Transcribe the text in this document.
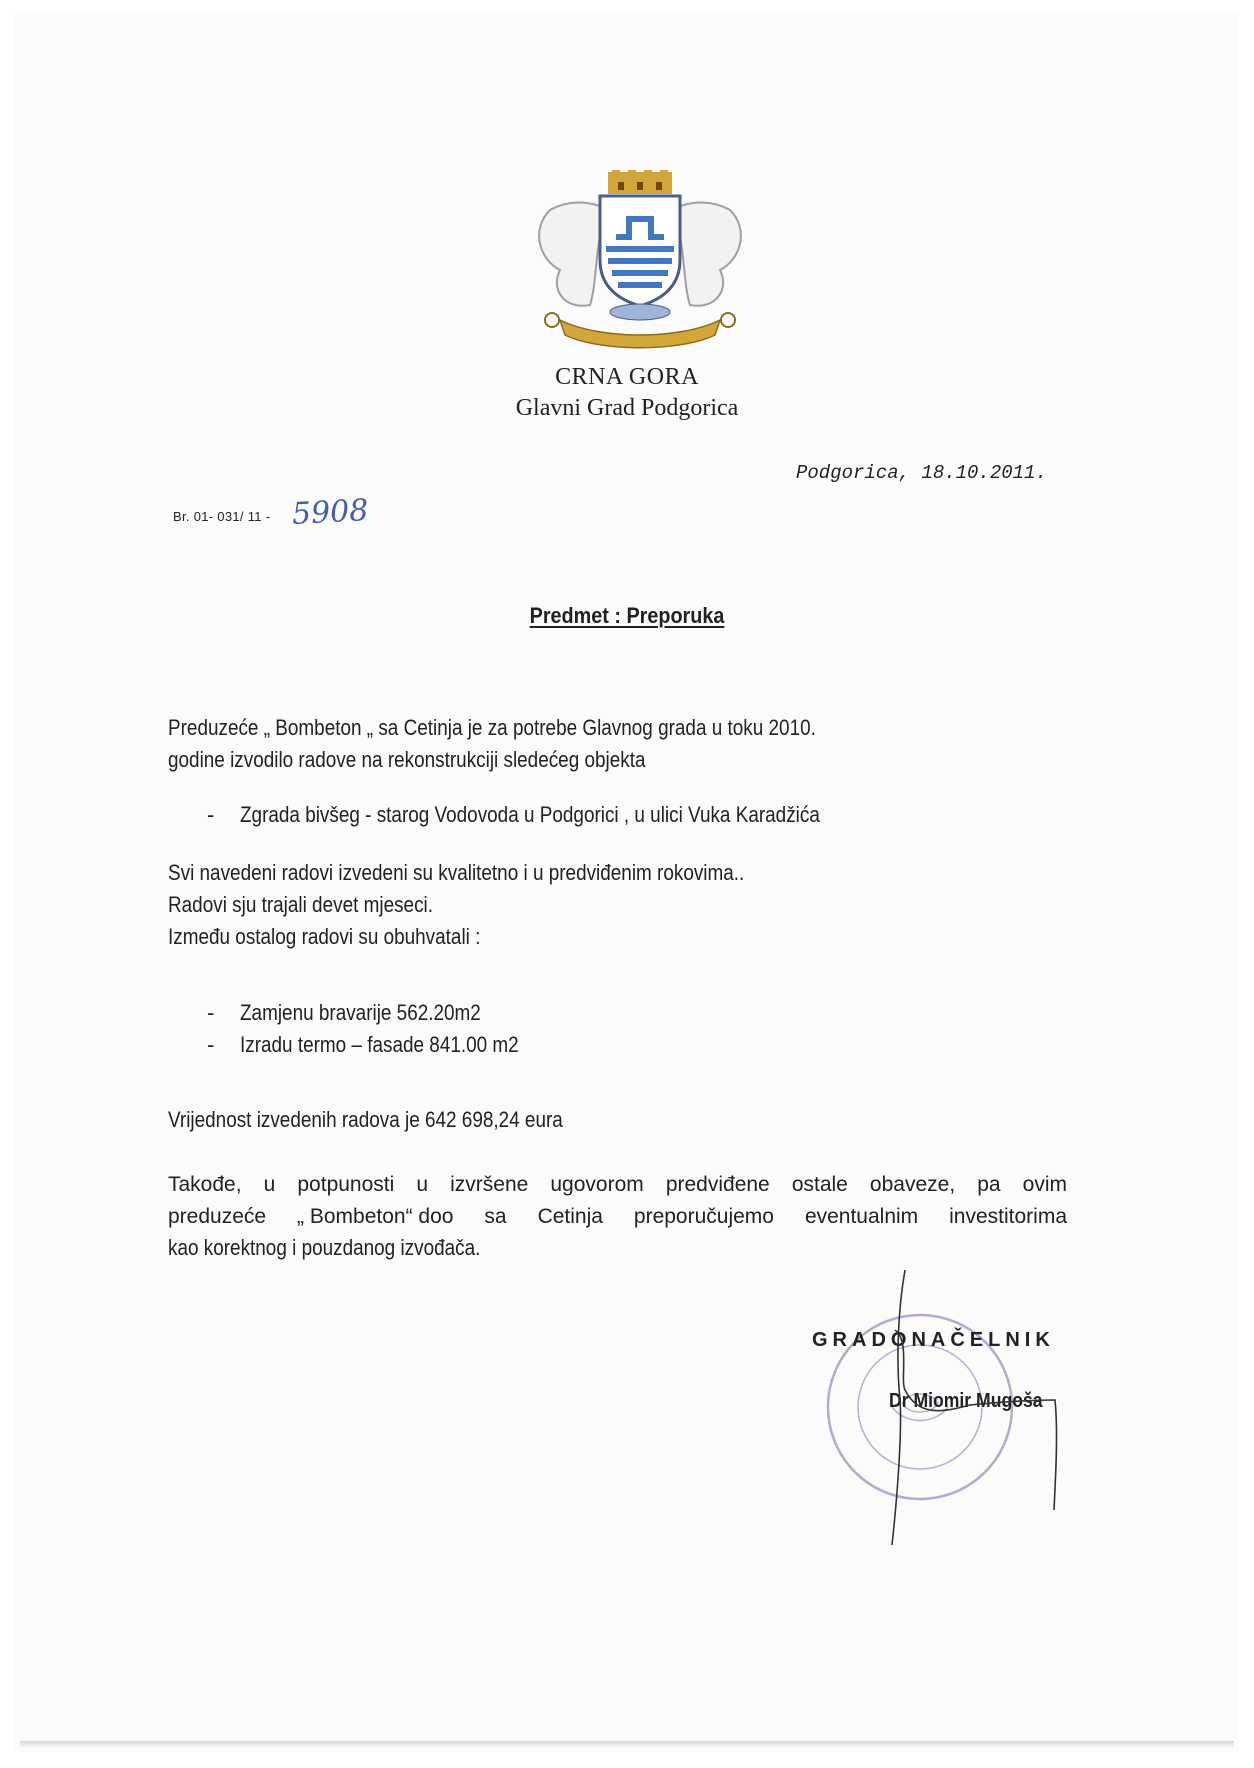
CRNA GORA
Glavni Grad Podgorica
Podgorica, 18.10.2011.
Br. 01- 031/ 11 - 5908
Predmet : Preporuka
Preduzeće „ Bombeton „ sa Cetinja je za potrebe Glavnog grada u toku 2010.
godine izvodilo radove na rekonstrukciji sledećeg objekta
- Zgrada bivšeg - starog Vodovoda u Podgorici , u ulici Vuka Karadžića
Svi navedeni radovi izvedeni su kvalitetno i u predviđenim rokovima..
Radovi sju trajali devet mjeseci.
Između ostalog radovi su obuhvatali :
- Zamjenu bravarije 562.20m2
- Izradu termo – fasade 841.00 m2
Vrijednost izvedenih radova je 642 698,24 eura
Takođe, u potpunosti u izvršene ugovorom predviđene ostale obaveze, pa ovim
preduzeće „ Bombeton“ doo sa Cetinja preporučujemo eventualnim investitorima
kao korektnog i pouzdanog izvođača.
GRADONAČELNIK
Dr Miomir Mugoša
